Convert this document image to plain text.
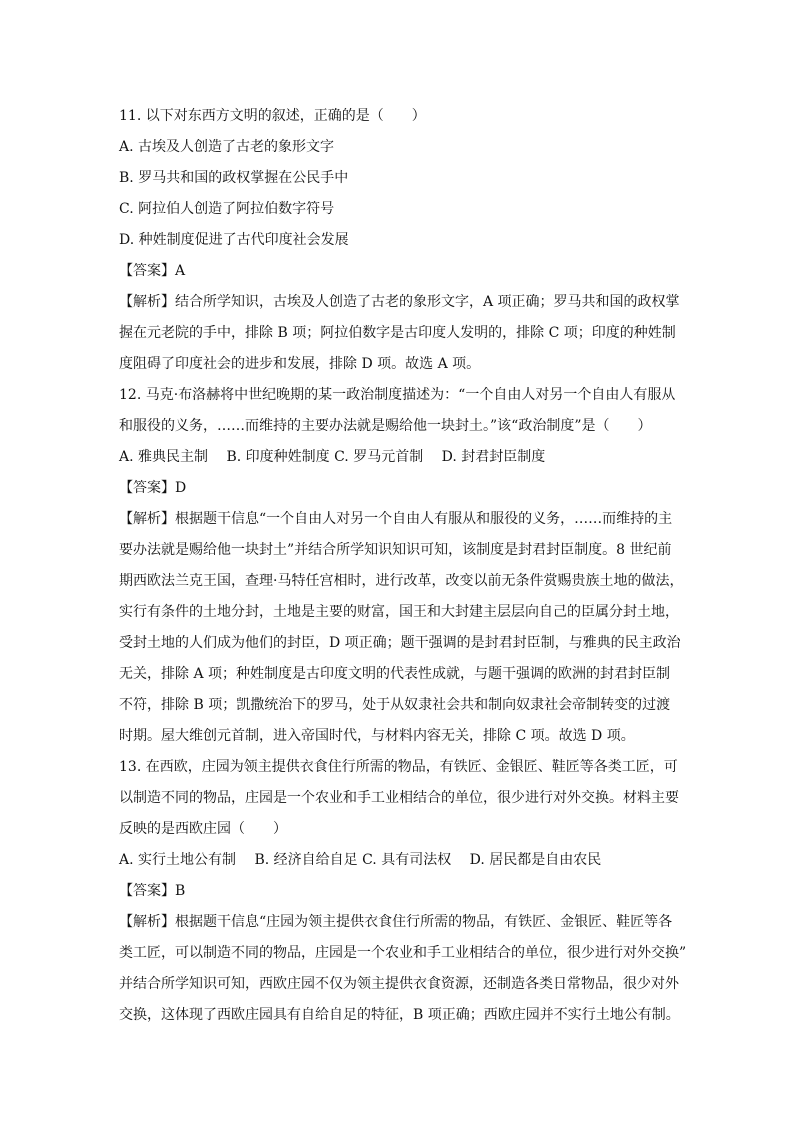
11. 以下对东西方文明的叙述，正确的是（　　）
A. 古埃及人创造了古老的象形文字
B. 罗马共和国的政权掌握在公民手中
C. 阿拉伯人创造了阿拉伯数字符号
D. 种姓制度促进了古代印度社会发展
【答案】A
【解析】结合所学知识，古埃及人创造了古老的象形文字，A 项正确；罗马共和国的政权掌
握在元老院的手中，排除 B 项；阿拉伯数字是古印度人发明的，排除 C 项；印度的种姓制
度阻碍了印度社会的进步和发展，排除 D 项。故选 A 项。
12. 马克·布洛赫将中世纪晚期的某一政治制度描述为：“一个自由人对另一个自由人有服从
和服役的义务，……而维持的主要办法就是赐给他一块封土。”该“政治制度”是（　　）
A. 雅典民主制　 B. 印度种姓制度 C. 罗马元首制　 D. 封君封臣制度
【答案】D
【解析】根据题干信息“一个自由人对另一个自由人有服从和服役的义务，……而维持的主
要办法就是赐给他一块封土”并结合所学知识知识可知，该制度是封君封臣制度。8 世纪前
期西欧法兰克王国，查理·马特任宫相时，进行改革，改变以前无条件赏赐贵族土地的做法，
实行有条件的土地分封，土地是主要的财富，国王和大封建主层层向自己的臣属分封土地，
受封土地的人们成为他们的封臣，D 项正确；题干强调的是封君封臣制，与雅典的民主政治
无关，排除 A 项；种姓制度是古印度文明的代表性成就，与题干强调的欧洲的封君封臣制
不符，排除 B 项；凯撒统治下的罗马，处于从奴隶社会共和制向奴隶社会帝制转变的过渡
时期。屋大维创元首制，进入帝国时代，与材料内容无关，排除 C 项。故选 D 项。
13. 在西欧，庄园为领主提供衣食住行所需的物品，有铁匠、金银匠、鞋匠等各类工匠，可
以制造不同的物品，庄园是一个农业和手工业相结合的单位，很少进行对外交换。材料主要
反映的是西欧庄园（　　）
A. 实行土地公有制　 B. 经济自给自足 C. 具有司法权　 D. 居民都是自由农民
【答案】B
【解析】根据题干信息“庄园为领主提供衣食住行所需的物品，有铁匠、金银匠、鞋匠等各
类工匠，可以制造不同的物品，庄园是一个农业和手工业相结合的单位，很少进行对外交换”
并结合所学知识可知，西欧庄园不仅为领主提供衣食资源，还制造各类日常物品，很少对外
交换，这体现了西欧庄园具有自给自足的特征，B 项正确；西欧庄园并不实行土地公有制。
